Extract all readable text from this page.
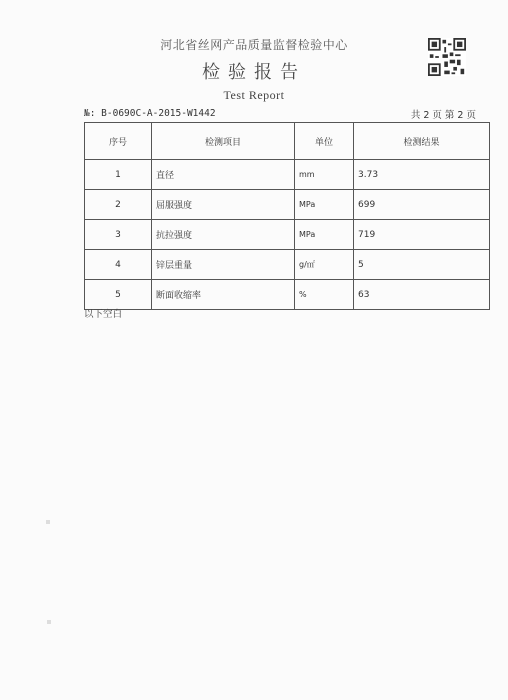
河北省丝网产品质量监督检验中心
检验报告
Test Report
№: B-0690C-A-2015-W1442	共 2 页 第 2 页
序号	检测项目	单位	检测结果
1	直径	mm	3.73
2	屈服强度	MPa	699
3	抗拉强度	MPa	719
4	锌层重量	g/㎡	5
5	断面收缩率	%	63
以下空白
